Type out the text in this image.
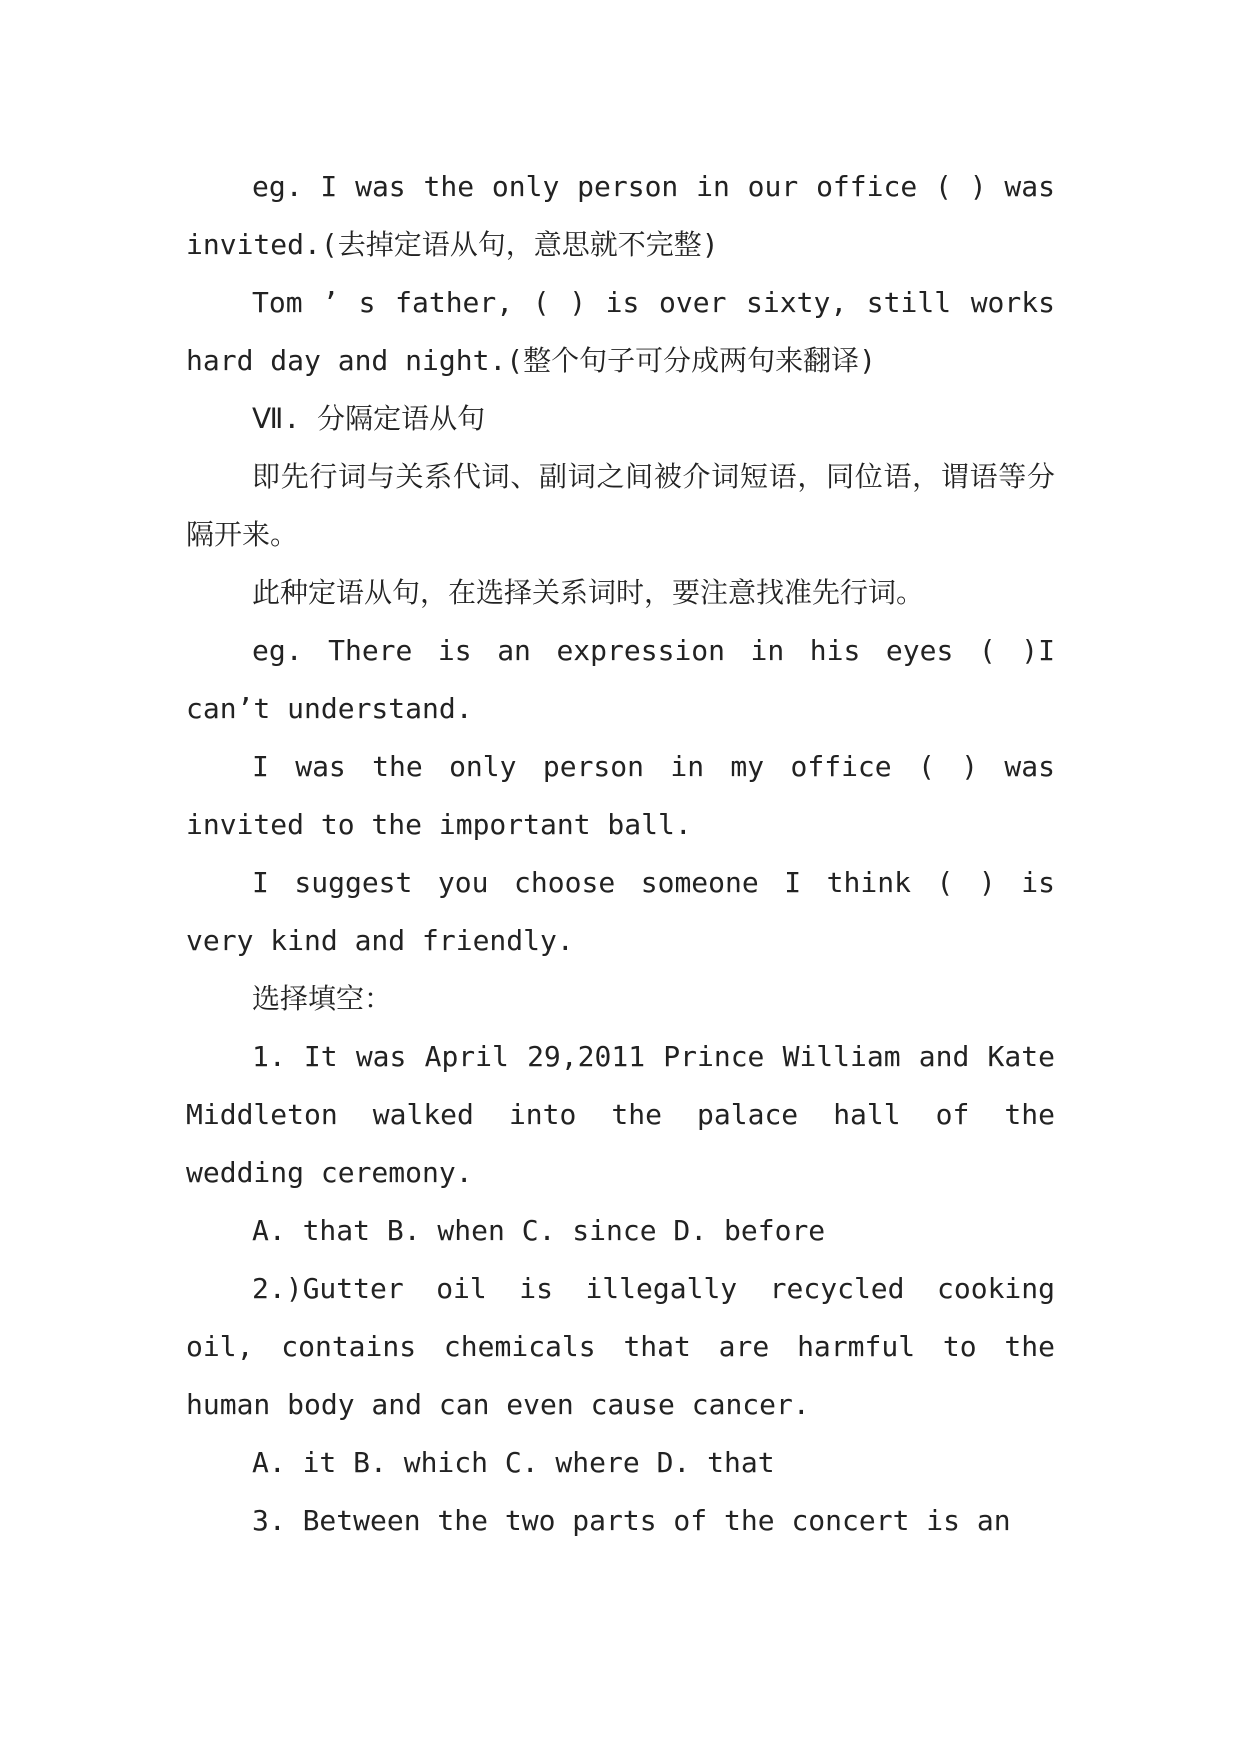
eg. I was the only person in our office ( ) was invited.(去掉定语从句，意思就不完整)

Tom ’ s father, ( ) is over sixty, still works hard day and night.(整个句子可分成两句来翻译)

Ⅶ. 分隔定语从句

即先行词与关系代词、副词之间被介词短语，同位语，谓语等分隔开来。

此种定语从句，在选择关系词时，要注意找准先行词。

eg. There is an expression in his eyes ( )I can’t understand.

I was the only person in my office ( ) was invited to the important ball.

I suggest you choose someone I think ( ) is very kind and friendly.

选择填空：

1. It was April 29,2011 Prince William and Kate Middleton walked into the palace hall of the wedding ceremony.

A. that B. when C. since D. before

2.)Gutter oil is illegally recycled cooking oil, contains chemicals that are harmful to the human body and can even cause cancer.

A. it B. which C. where D. that

3. Between the two parts of the concert is an
